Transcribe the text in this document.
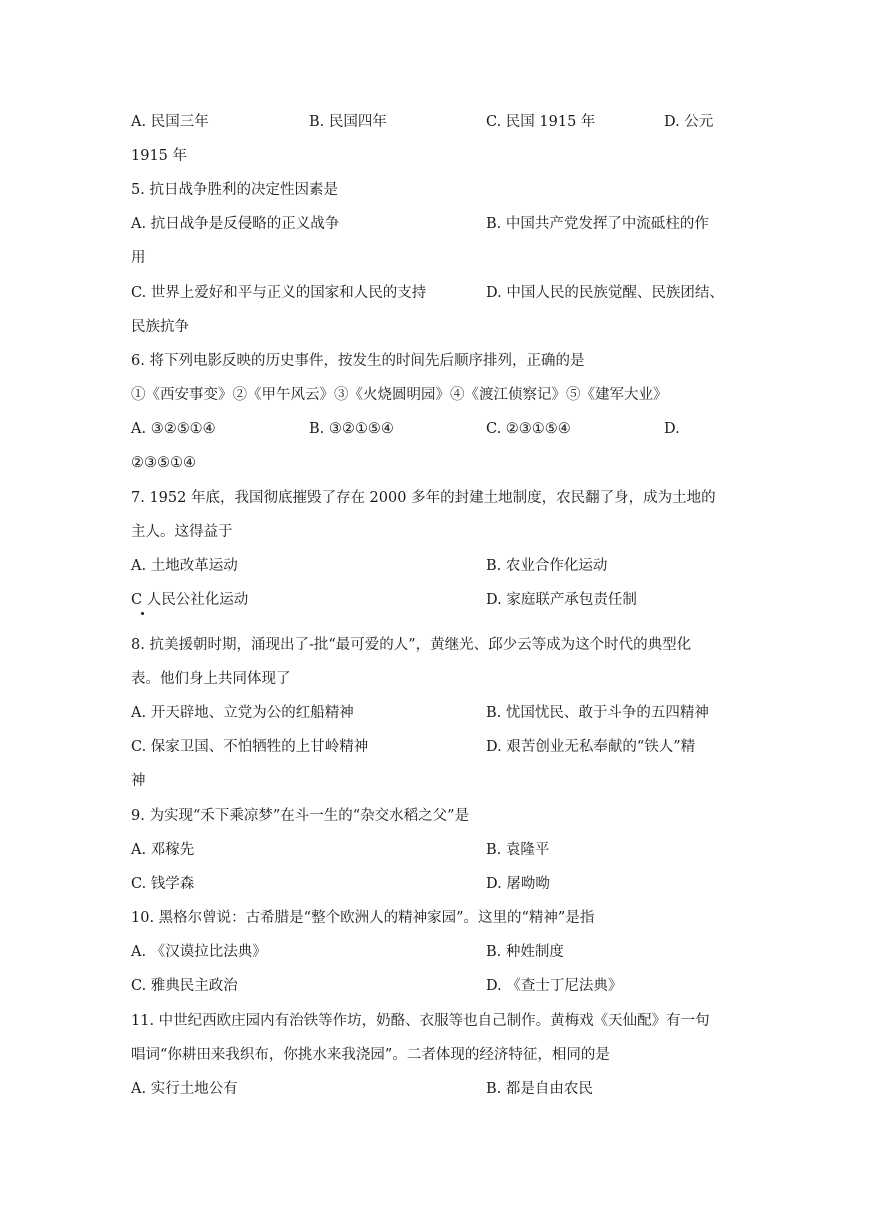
A. 民国三年	B. 民国四年	C. 民国 1915 年	D. 公元
1915 年
5. 抗日战争胜利的决定性因素是
A. 抗日战争是反侵略的正义战争	B. 中国共产党发挥了中流砥柱的作
用
C. 世界上爱好和平与正义的国家和人民的支持	D. 中国人民的民族觉醒、民族团结、
民族抗争
6. 将下列电影反映的历史事件，按发生的时间先后顺序排列，正确的是
①《西安事变》②《甲午风云》③《火烧圆明园》④《渡江侦察记》⑤《建军大业》
A. ③②⑤①④	B. ③②①⑤④	C. ②③①⑤④	D.
②③⑤①④
7. 1952 年底，我国彻底摧毁了存在 2000 多年的封建土地制度，农民翻了身，成为土地的
主人。这得益于
A. 土地改革运动	B. 农业合作化运动
C 人民公社化运动	D. 家庭联产承包责任制
8. 抗美援朝时期，涌现出了-批“最可爱的人”，黄继光、邱少云等成为这个时代的典型化
表。他们身上共同体现了
A. 开天辟地、立党为公的红船精神	B. 忧国忧民、敢于斗争的五四精神
C. 保家卫国、不怕牺牲的上甘岭精神	D. 艰苦创业无私奉献的“铁人”精
神
9. 为实现“禾下乘凉梦”在斗一生的“杂交水稻之父”是
A. 邓稼先	B. 袁隆平
C. 钱学森	D. 屠呦呦
10. 黑格尔曾说：古希腊是“整个欧洲人的精神家园”。这里的“精神”是指
A. 《汉谟拉比法典》	B. 种姓制度
C. 雅典民主政治	D. 《查士丁尼法典》
11. 中世纪西欧庄园内有治铁等作坊，奶酪、衣服等也自己制作。黄梅戏《天仙配》有一句
唱词“你耕田来我织布，你挑水来我浇园”。二者体现的经济特征，相同的是
A. 实行土地公有	B. 都是自由农民
